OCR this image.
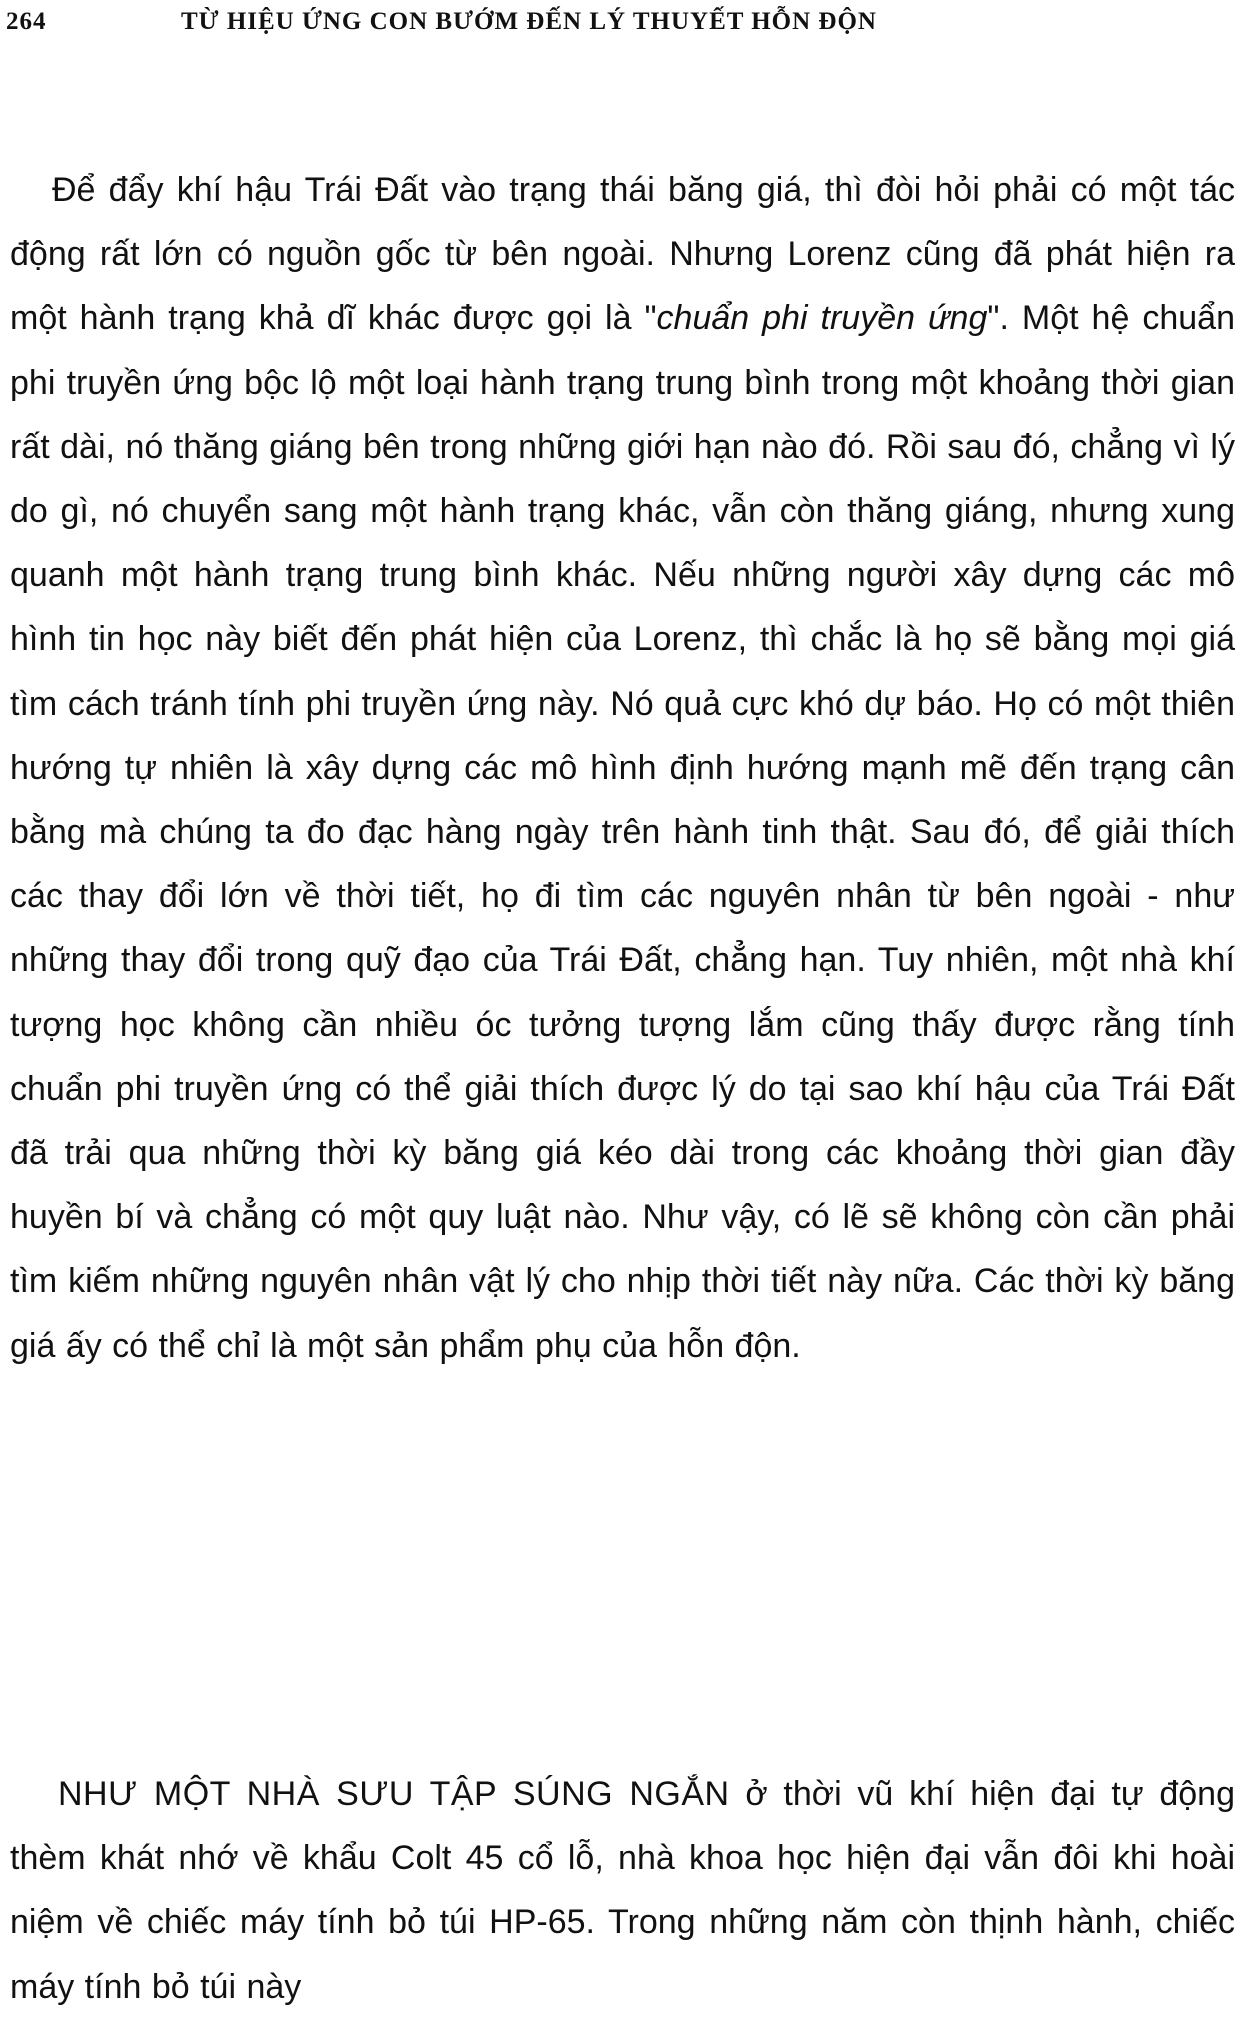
264	TỪ HIỆU ỨNG CON BƯỚM ĐẾN LÝ THUYẾT HỖN ĐỘN

Để đẩy khí hậu Trái Đất vào trạng thái băng giá, thì đòi hỏi phải có một tác động rất lớn có nguồn gốc từ bên ngoài. Nhưng Lorenz cũng đã phát hiện ra một hành trạng khả dĩ khác được gọi là "chuẩn phi truyền ứng". Một hệ chuẩn phi truyền ứng bộc lộ một loại hành trạng trung bình trong một khoảng thời gian rất dài, nó thăng giáng bên trong những giới hạn nào đó. Rồi sau đó, chẳng vì lý do gì, nó chuyển sang một hành trạng khác, vẫn còn thăng giáng, nhưng xung quanh một hành trạng trung bình khác. Nếu những người xây dựng các mô hình tin học này biết đến phát hiện của Lorenz, thì chắc là họ sẽ bằng mọi giá tìm cách tránh tính phi truyền ứng này. Nó quả cực khó dự báo. Họ có một thiên hướng tự nhiên là xây dựng các mô hình định hướng mạnh mẽ đến trạng cân bằng mà chúng ta đo đạc hàng ngày trên hành tinh thật. Sau đó, để giải thích các thay đổi lớn về thời tiết, họ đi tìm các nguyên nhân từ bên ngoài - như những thay đổi trong quỹ đạo của Trái Đất, chẳng hạn. Tuy nhiên, một nhà khí tượng học không cần nhiều óc tưởng tượng lắm cũng thấy được rằng tính chuẩn phi truyền ứng có thể giải thích được lý do tại sao khí hậu của Trái Đất đã trải qua những thời kỳ băng giá kéo dài trong các khoảng thời gian đầy huyền bí và chẳng có một quy luật nào. Như vậy, có lẽ sẽ không còn cần phải tìm kiếm những nguyên nhân vật lý cho nhịp thời tiết này nữa. Các thời kỳ băng giá ấy có thể chỉ là một sản phẩm phụ của hỗn độn.

NHƯ MỘT NHÀ SƯU TẬP SÚNG NGẮN ở thời vũ khí hiện đại tự động thèm khát nhớ về khẩu Colt 45 cổ lỗ, nhà khoa học hiện đại vẫn đôi khi hoài niệm về chiếc máy tính bỏ túi HP-65. Trong những năm còn thịnh hành, chiếc máy tính bỏ túi này
